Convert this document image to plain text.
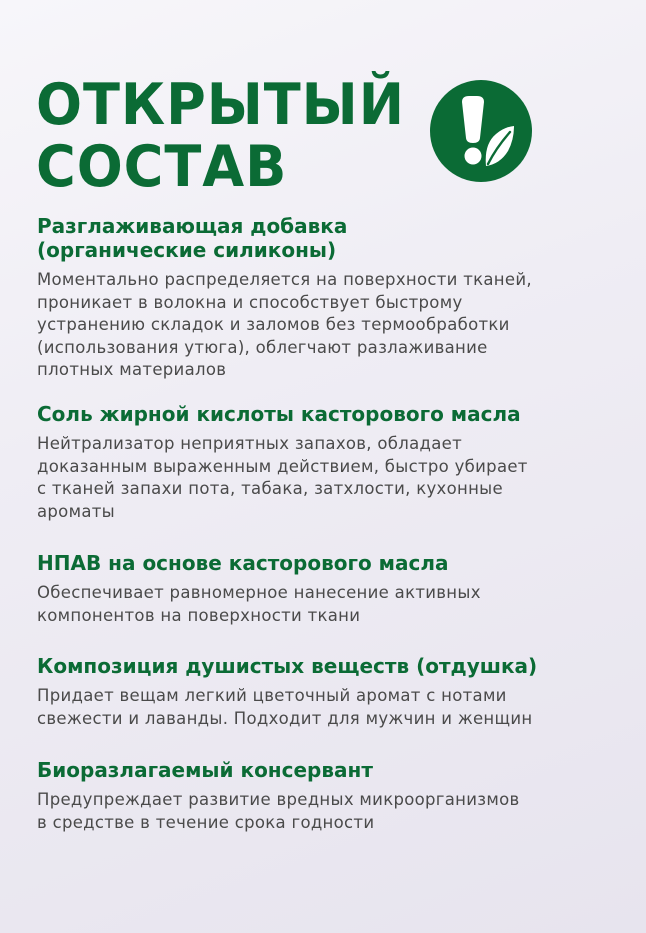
ОТКРЫТЫЙ
СОСТАВ
Разглаживающая добавка
(органические силиконы)

Моментально распределяется на поверхности тканей,
проникает в волокна и способствует быстрому
устранению складок и заломов без термообработки
(использования утюга), облегчают разлаживание
плотных материалов

Соль жирной кислоты касторового масла

Нейтрализатор неприятных запахов, обладает
доказанным выраженным действием, быстро убирает
с тканей запахи пота, табака, затхлости, кухонные
ароматы

НПАВ на основе касторового масла

Обеспечивает равномерное нанесение активных
компонентов на поверхности ткани

Композиция душистых веществ (отдушка)

Придает вещам легкий цветочный аромат с нотами
свежести и лаванды. Подходит для мужчин и женщин

Биоразлагаемый консервант

Предупреждает развитие вредных микроорганизмов
в средстве в течение срока годности
